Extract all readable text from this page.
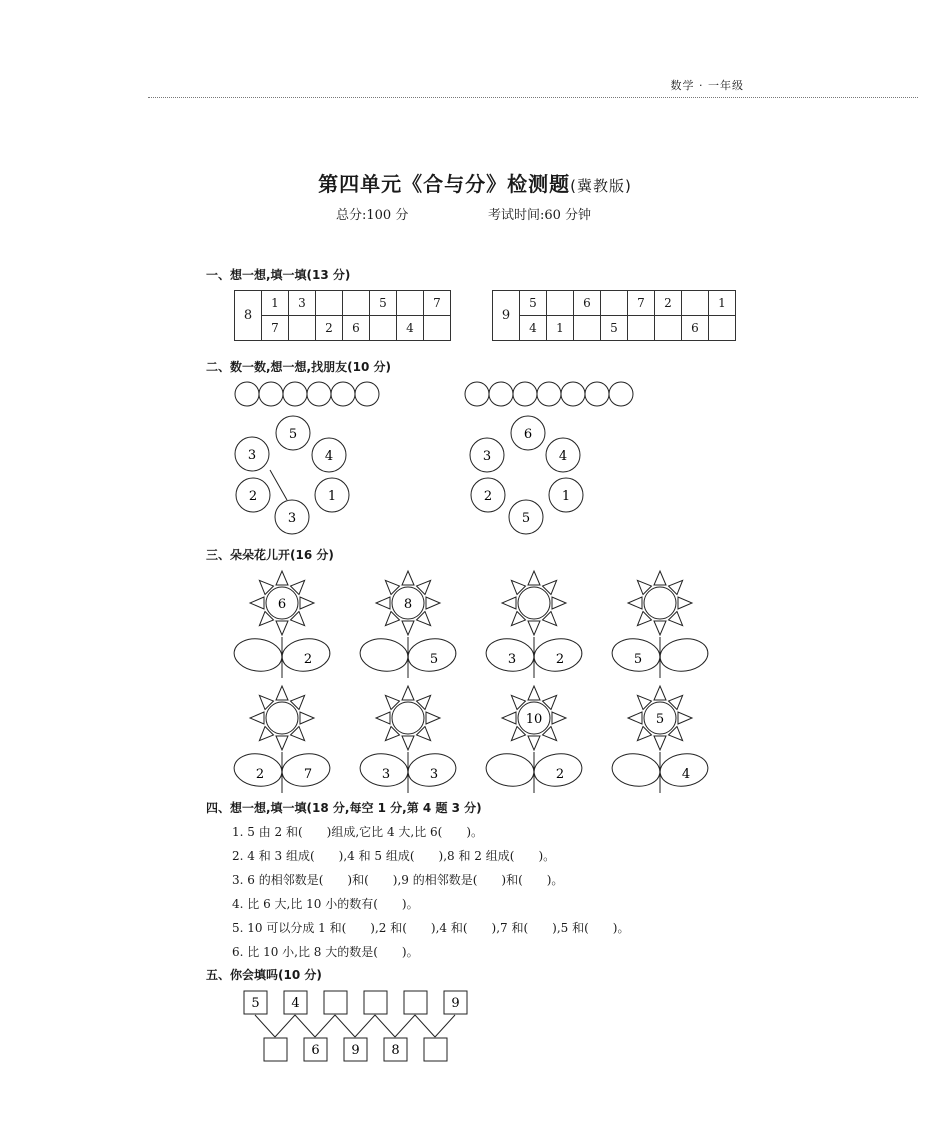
数学 · 一年级
第四单元《合与分》检测题(冀教版)
总分:100 分	考试时间:60 分钟
一、想一想,填一填(13 分)
8	1	3			5		7
	7		2	6		4	
9	5		6		7	2		1
	4	1		5			6	
二、数一数,想一想,找朋友(10 分)
5
4
1
3
2
3
6
4
1
5
2
3
6
2
8
5	3	2	5
2	7	3	3
10
2
5
4
5 4	9
6 9 8
三、朵朵花儿开(16 分)
四、想一想,填一填(18 分,每空 1 分,第 4 题 3 分)
1. 5 由 2 和(　　)组成,它比 4 大,比 6(　　)。
2. 4 和 3 组成(　　),4 和 5 组成(　　),8 和 2 组成(　　)。
3. 6 的相邻数是(　　)和(　　),9 的相邻数是(　　)和(　　)。
4. 比 6 大,比 10 小的数有(　　)。
5. 10 可以分成 1 和(　　),2 和(　　),4 和(　　),7 和(　　),5 和(　　)。
6. 比 10 小,比 8 大的数是(　　)。
五、你会填吗(10 分)
